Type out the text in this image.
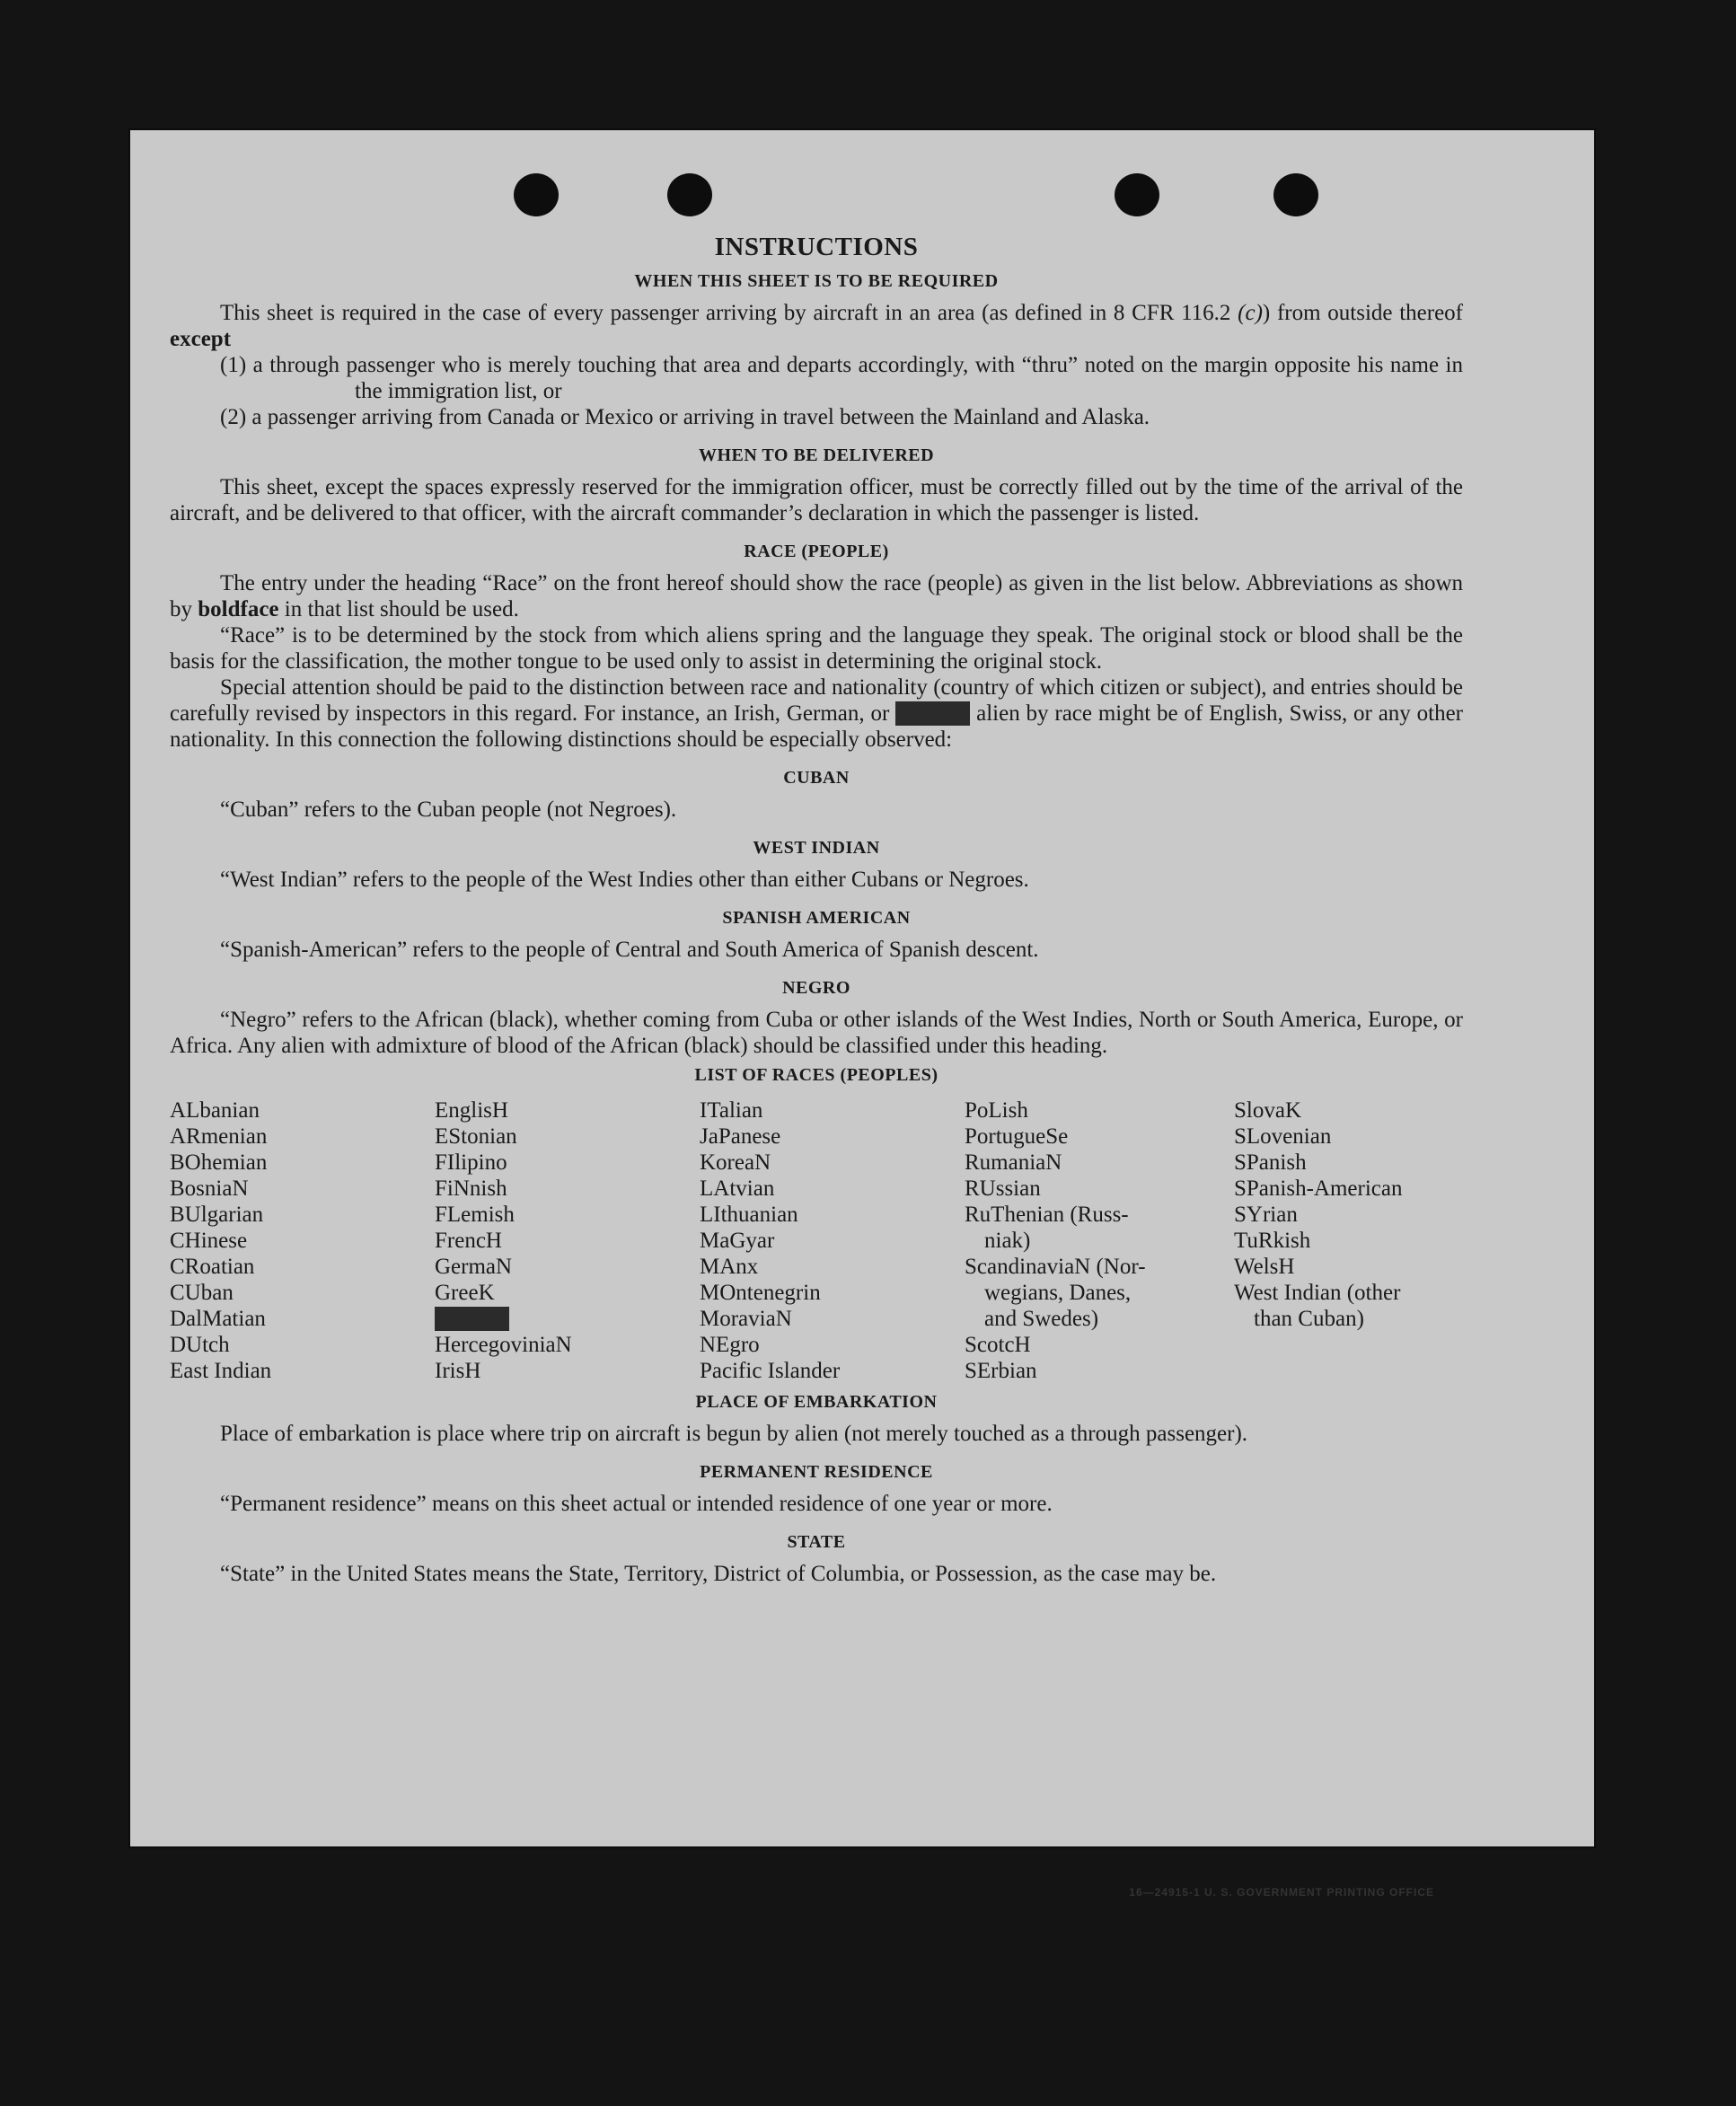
INSTRUCTIONS
WHEN THIS SHEET IS TO BE REQUIRED

This sheet is required in the case of every passenger arriving by aircraft in an area (as defined in 8 CFR 116.2 (c)) from outside thereof except

(1) a through passenger who is merely touching that area and departs accordingly, with “thru” noted on the margin opposite his name in the immigration list, or

(2) a passenger arriving from Canada or Mexico or arriving in travel between the Mainland and Alaska.

WHEN TO BE DELIVERED

This sheet, except the spaces expressly reserved for the immigration officer, must be correctly filled out by the time of the arrival of the aircraft, and be delivered to that officer, with the aircraft commander’s declaration in which the passenger is listed.

RACE (PEOPLE)

The entry under the heading “Race” on the front hereof should show the race (people) as given in the list below. Abbreviations as shown by boldface in that list should be used.

“Race” is to be determined by the stock from which aliens spring and the language they speak. The original stock or blood shall be the basis for the classification, the mother tongue to be used only to assist in determining the original stock.

Special attention should be paid to the distinction between race and nationality (country of which citizen or subject), and entries should be carefully revised by inspectors in this regard. For instance, an Irish, German, or Hebrew alien by race might be of English, Swiss, or any other nationality. In this connection the following distinctions should be especially observed:

CUBAN

“Cuban” refers to the Cuban people (not Negroes).

WEST INDIAN

“West Indian” refers to the people of the West Indies other than either Cubans or Negroes.

SPANISH AMERICAN

“Spanish-American” refers to the people of Central and South America of Spanish descent.

NEGRO

“Negro” refers to the African (black), whether coming from Cuba or other islands of the West Indies, North or South America, Europe, or Africa. Any alien with admixture of blood of the African (black) should be classified under this heading.

LIST OF RACES (PEOPLES)
ALbanian
ARmenian
BOhemian
BosniaN
BUlgarian
CHinese
CRoatian
CUban
DalMatian
DUtch
East Indian
EnglisH
EStonian
FIlipino
FiNnish
FLemish
FrencH
GermaN
GreeK
Hebrew
HercegoviniaN
IrisH
ITalian
JaPanese
KoreaN
LAtvian
LIthuanian
MaGyar
MAnx
MOntenegrin
MoraviaN
NEgro
Pacific Islander
PoLish
PortugueSe
RumaniaN
RUssian
RuThenian (Russ-
niak)
ScandinaviaN (Nor-
wegians, Danes,
and Swedes)
ScotcH
SErbian
SlovaK
SLovenian
SPanish
SPanish-American
SYrian
TuRkish
WelsH
West Indian (other
than Cuban)
PLACE OF EMBARKATION

Place of embarkation is place where trip on aircraft is begun by alien (not merely touched as a through passenger).

PERMANENT RESIDENCE

“Permanent residence” means on this sheet actual or intended residence of one year or more.

STATE

“State” in the United States means the State, Territory, District of Columbia, or Possession, as the case may be.

16—24915-1 U. S. GOVERNMENT PRINTING OFFICE
